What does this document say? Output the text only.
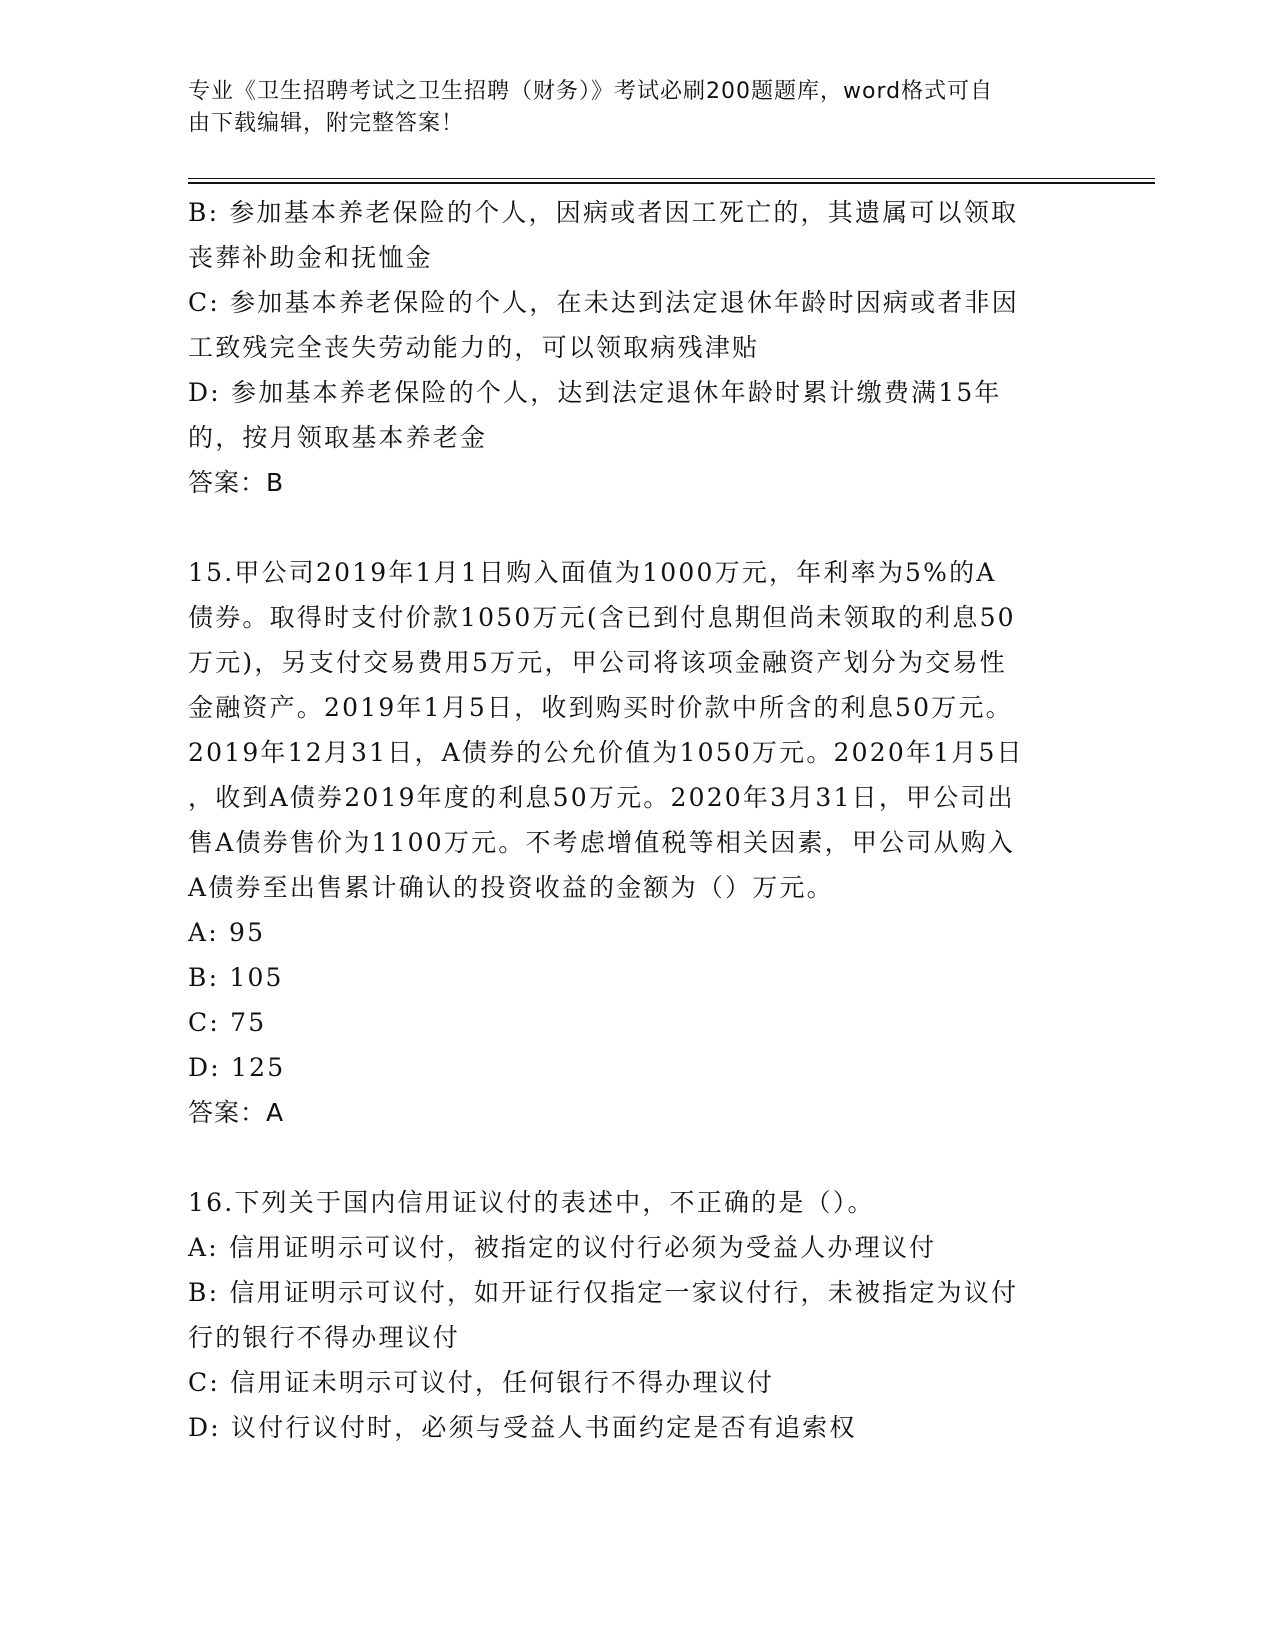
专业《卫生招聘考试之卫生招聘（财务）》考试必刷200题题库，word格式可自
由下载编辑，附完整答案！
B: 参加基本养老保险的个人，因病或者因工死亡的，其遗属可以领取
丧葬补助金和抚恤金
C: 参加基本养老保险的个人，在未达到法定退休年龄时因病或者非因
工致残完全丧失劳动能力的，可以领取病残津贴
D: 参加基本养老保险的个人，达到法定退休年龄时累计缴费满15年
的，按月领取基本养老金
答案：B
15.甲公司2019年1月1日购入面值为1000万元，年利率为5%的A
债券。取得时支付价款1050万元(含已到付息期但尚未领取的利息50
万元)，另支付交易费用5万元，甲公司将该项金融资产划分为交易性
金融资产。2019年1月5日，收到购买时价款中所含的利息50万元。
2019年12月31日，A债券的公允价值为1050万元。2020年1月5日
，收到A债券2019年度的利息50万元。2020年3月31日，甲公司出
售A债券售价为1100万元。不考虑增值税等相关因素，甲公司从购入
A债券至出售累计确认的投资收益的金额为（）万元。
A: 95
B: 105
C: 75
D: 125
答案：A
16.下列关于国内信用证议付的表述中，不正确的是（）。
A: 信用证明示可议付，被指定的议付行必须为受益人办理议付
B: 信用证明示可议付，如开证行仅指定一家议付行，未被指定为议付
行的银行不得办理议付
C: 信用证未明示可议付，任何银行不得办理议付
D: 议付行议付时，必须与受益人书面约定是否有追索权
